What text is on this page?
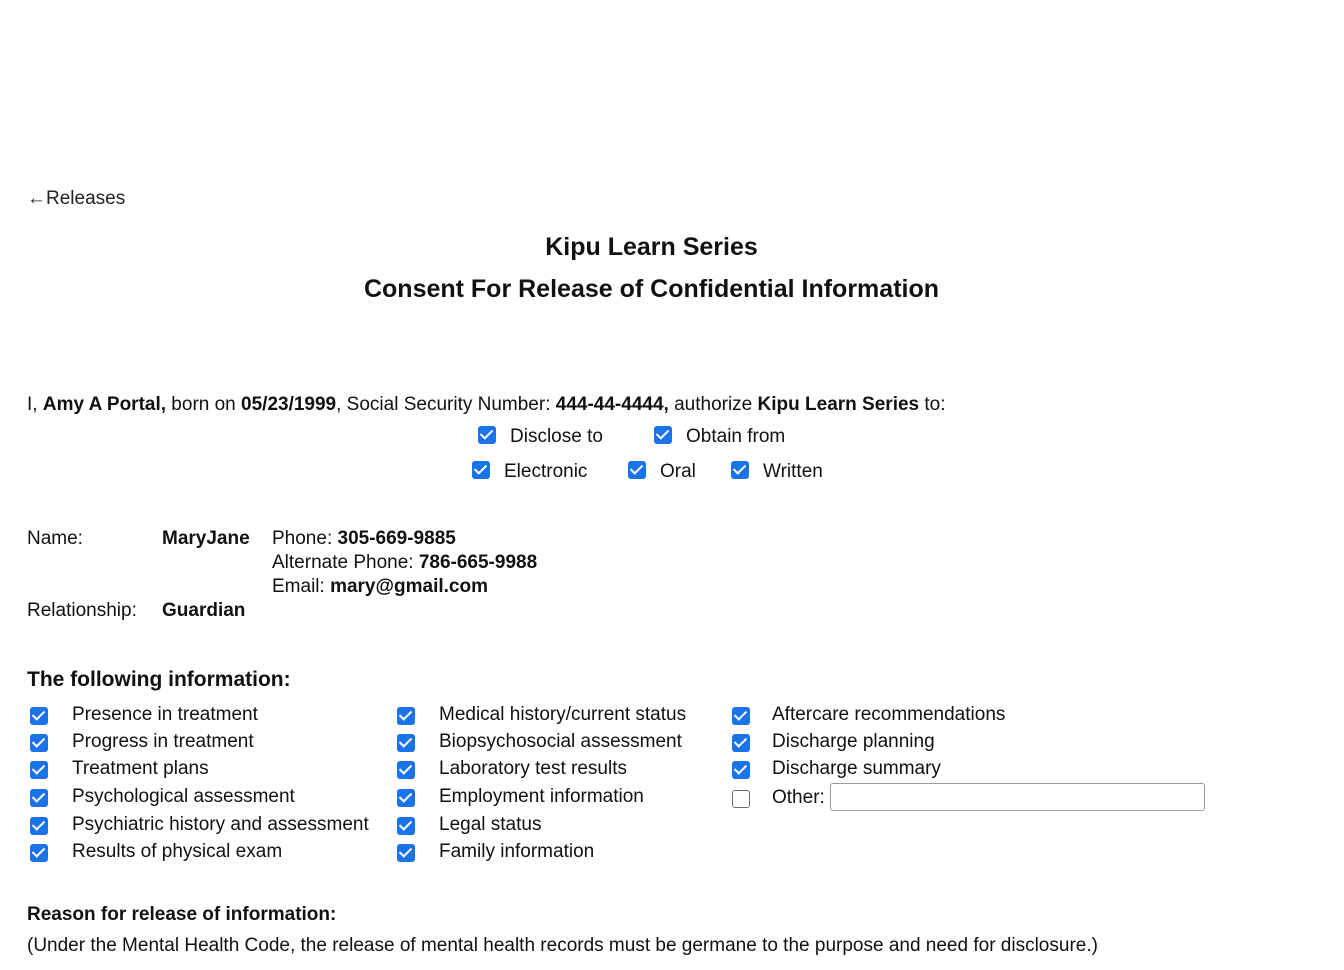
←Releases
Kipu Learn Series
Consent For Release of Confidential Information
I, Amy A Portal, born on 05/23/1999, Social Security Number: 444-44-4444, authorize Kipu Learn Series to:
Disclose to	Obtain from
Electronic	Oral	Written
Name:	MaryJane Phone: 305-669-9885
Alternate Phone: 786-665-9988
Email: mary@gmail.com
Relationship: Guardian
The following information:
Presence in treatment
Progress in treatment
Treatment plans
Psychological assessment
Psychiatric history and assessment
Results of physical exam
Medical history/current status
Biopsychosocial assessment
Laboratory test results
Employment information
Legal status
Family information
Aftercare recommendations
Discharge planning
Discharge summary
Other:
Reason for release of information:
(Under the Mental Health Code, the release of mental health records must be germane to the purpose and need for disclosure.)
